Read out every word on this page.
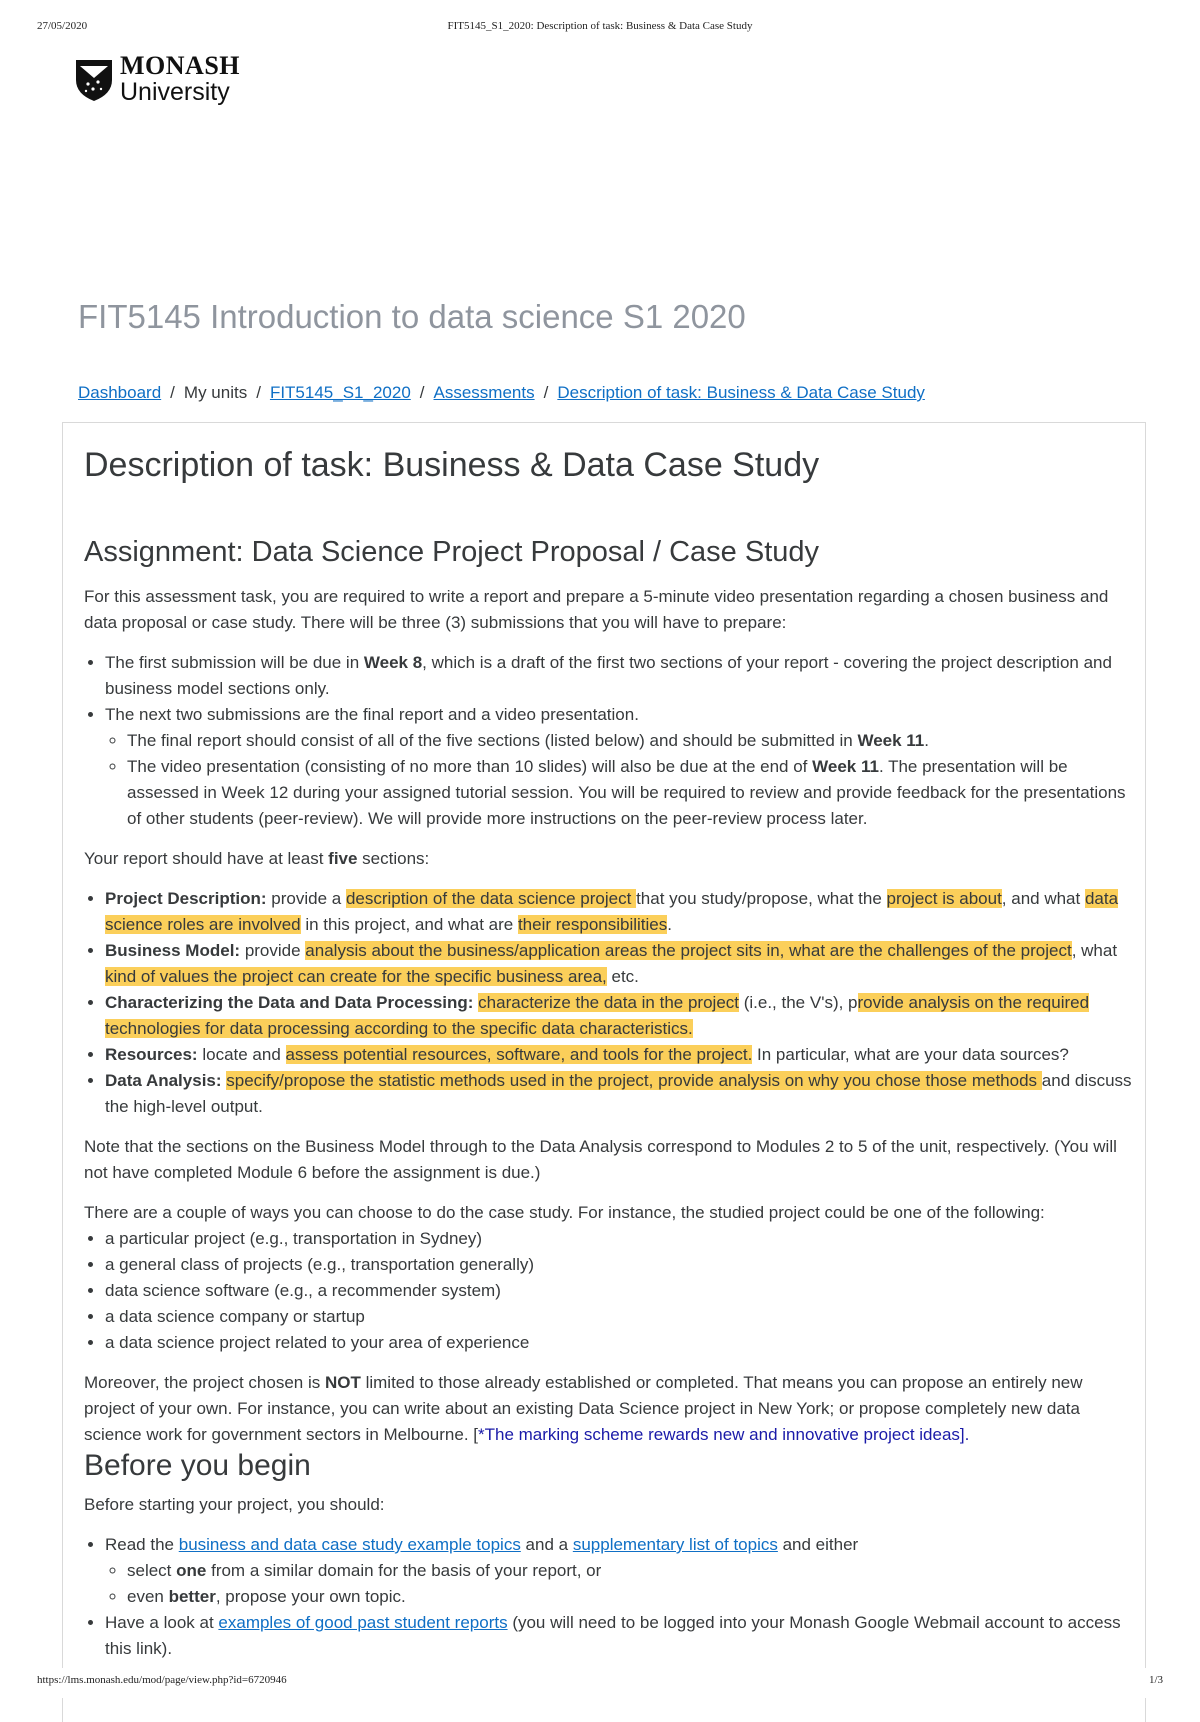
27/05/2020	FIT5145_S1_2020: Description of task: Business & Data Case Study
MONASH
University
FIT5145 Introduction to data science S1 2020
Dashboard / My units / FIT5145_S1_2020 / Assessments / Description of task: Business & Data Case Study
Description of task: Business & Data Case Study
Assignment: Data Science Project Proposal / Case Study

For this assessment task, you are required to write a report and prepare a 5-minute video presentation regarding a chosen business and data proposal or case study. There will be three (3) submissions that you will have to prepare:

• The first submission will be due in Week 8, which is a draft of the first two sections of your report - covering the project description and business model sections only.
• The next two submissions are the final report and a video presentation.
◦ The final report should consist of all of the five sections (listed below) and should be submitted in Week 11.
◦ The video presentation (consisting of no more than 10 slides) will also be due at the end of Week 11. The presentation will be assessed in Week 12 during your assigned tutorial session. You will be required to review and provide feedback for the presentations of other students (peer-review). We will provide more instructions on the peer-review process later.

Your report should have at least five sections:

• Project Description: provide a description of the data science project that you study/propose, what the project is about, and what data science roles are involved in this project, and what are their responsibilities.
• Business Model: provide analysis about the business/application areas the project sits in, what are the challenges of the project, what kind of values the project can create for the specific business area, etc.
• Characterizing the Data and Data Processing: characterize the data in the project (i.e., the V's), provide analysis on the required technologies for data processing according to the specific data characteristics.
• Resources: locate and assess potential resources, software, and tools for the project. In particular, what are your data sources?
• Data Analysis: specify/propose the statistic methods used in the project, provide analysis on why you chose those methods and discuss the high-level output.

Note that the sections on the Business Model through to the Data Analysis correspond to Modules 2 to 5 of the unit, respectively. (You will not have completed Module 6 before the assignment is due.)

There are a couple of ways you can choose to do the case study. For instance, the studied project could be one of the following:

• a particular project (e.g., transportation in Sydney)
• a general class of projects (e.g., transportation generally)
• data science software (e.g., a recommender system)
• a data science company or startup
• a data science project related to your area of experience

Moreover, the project chosen is NOT limited to those already established or completed. That means you can propose an entirely new project of your own. For instance, you can write about an existing Data Science project in New York; or propose completely new data science work for government sectors in Melbourne. [*The marking scheme rewards new and innovative project ideas].

Before you begin

Before starting your project, you should:

• Read the business and data case study example topics and a supplementary list of topics and either
◦ select one from a similar domain for the basis of your report, or
◦ even better, propose your own topic.
• Have a look at examples of good past student reports (you will need to be logged into your Monash Google Webmail account to access this link).
https://lms.monash.edu/mod/page/view.php?id=6720946	1/3
